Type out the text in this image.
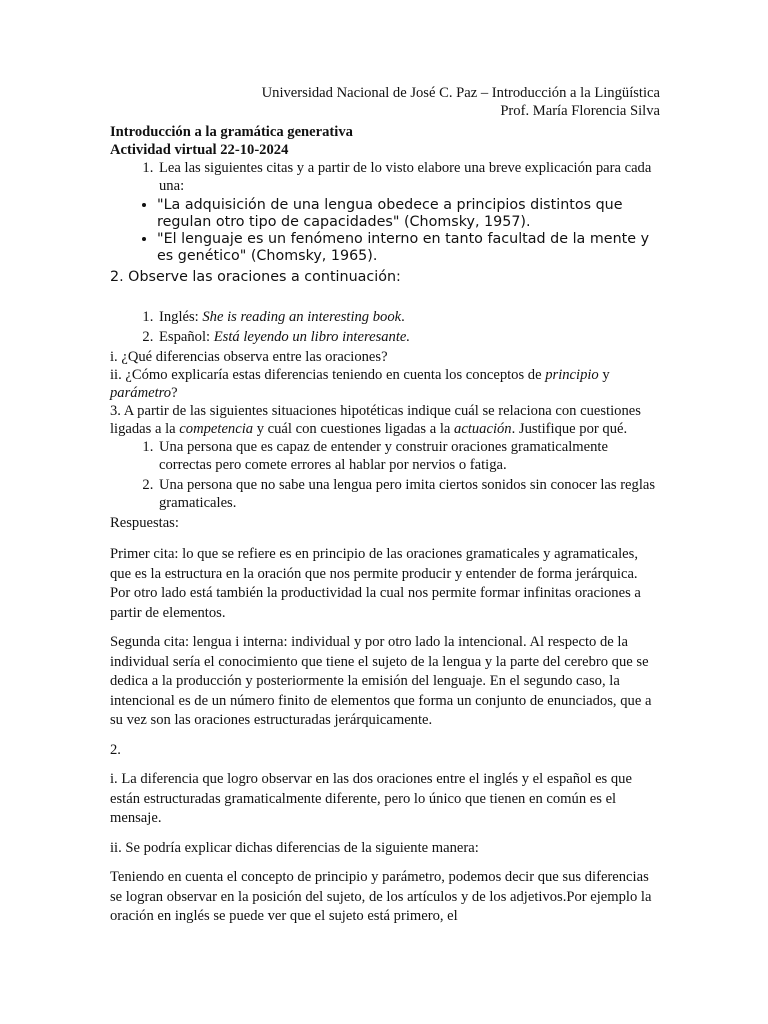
Universidad Nacional de José C. Paz – Introducción a la Lingüística
Prof. María Florencia Silva
Introducción a la gramática generativa
Actividad virtual 22-10-2024
1. Lea las siguientes citas y a partir de lo visto elabore una breve explicación para cada una:
• "La adquisición de una lengua obedece a principios distintos que regulan otro tipo de capacidades" (Chomsky, 1957).
• "El lenguaje es un fenómeno interno en tanto facultad de la mente y es genético" (Chomsky, 1965).
2. Observe las oraciones a continuación:
1. Inglés: She is reading an interesting book.
2. Español: Está leyendo un libro interesante.
i. ¿Qué diferencias observa entre las oraciones?
ii. ¿Cómo explicaría estas diferencias teniendo en cuenta los conceptos de principio y parámetro?
3. A partir de las siguientes situaciones hipotéticas indique cuál se relaciona con cuestiones ligadas a la competencia y cuál con cuestiones ligadas a la actuación. Justifique por qué.
1. Una persona que es capaz de entender y construir oraciones gramaticalmente correctas pero comete errores al hablar por nervios o fatiga.
2. Una persona que no sabe una lengua pero imita ciertos sonidos sin conocer las reglas gramaticales.
Respuestas:
Primer cita: lo que se refiere es en principio de las oraciones gramaticales y agramaticales, que es la estructura en la oración que nos permite producir y entender de forma jerárquica. Por otro lado está también la productividad la cual nos permite formar infinitas oraciones a partir de elementos.
Segunda cita: lengua i interna: individual y por otro lado la intencional. Al respecto de la individual sería el conocimiento que tiene el sujeto de la lengua y la parte del cerebro que se dedica a la producción y posteriormente la emisión del lenguaje. En el segundo caso, la intencional es de un número finito de elementos que forma un conjunto de enunciados, que a su vez son las oraciones estructuradas jerárquicamente.
2.
i. La diferencia que logro observar en las dos oraciones entre el inglés y el español es que están estructuradas gramaticalmente diferente, pero lo único que tienen en común es el mensaje.
ii. Se podría explicar dichas diferencias de la siguiente manera:
Teniendo en cuenta el concepto de principio y parámetro, podemos decir que sus diferencias se logran observar en la posición del sujeto, de los artículos y de los adjetivos.Por ejemplo la oración en inglés se puede ver que el sujeto está primero, el
